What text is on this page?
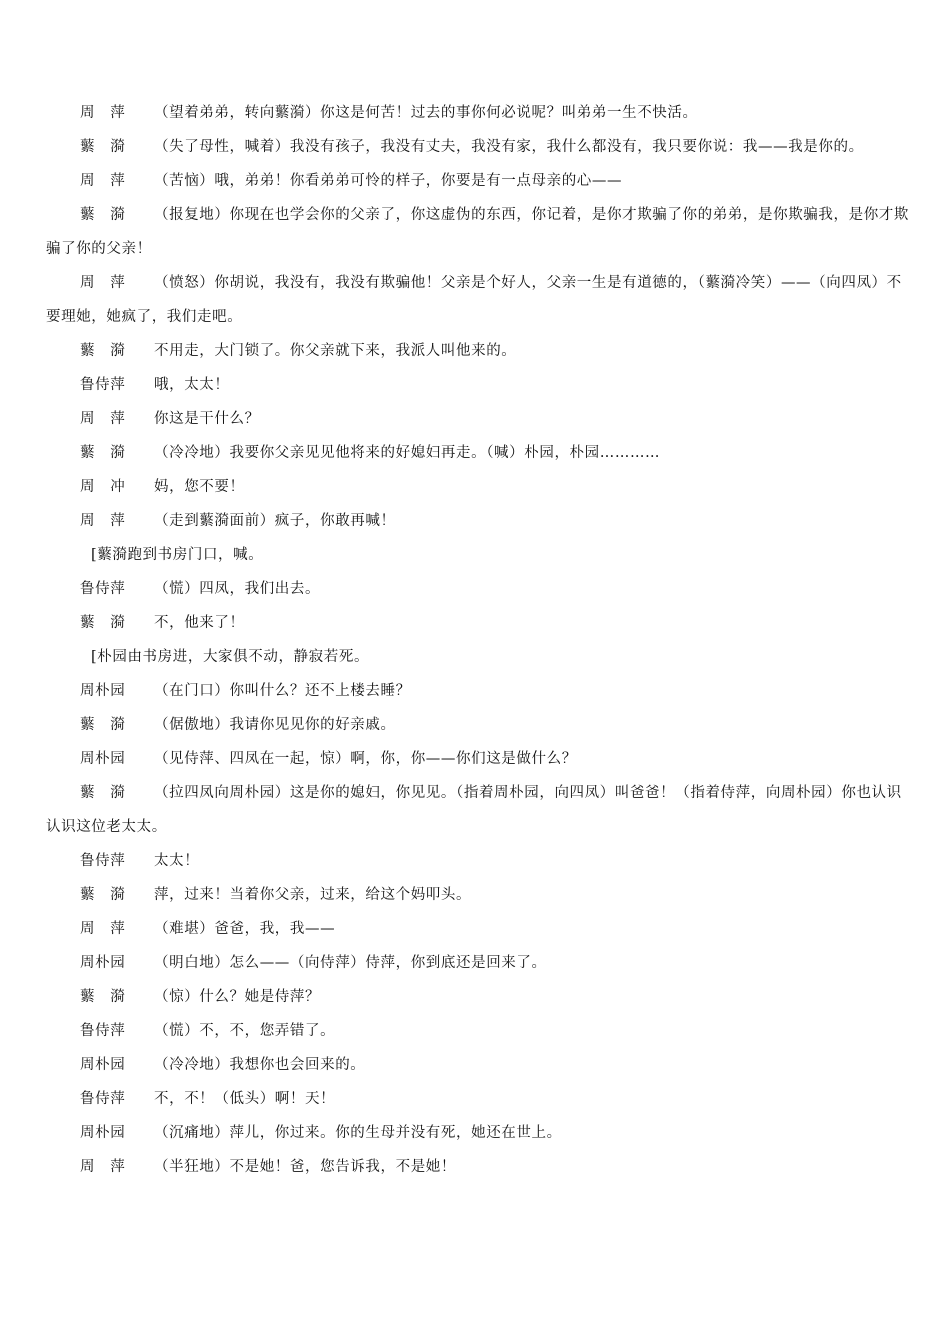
周　萍 （望着弟弟，转向蘩漪）你这是何苦！过去的事你何必说呢？叫弟弟一生不快活。

蘩　漪 （失了母性，喊着）我没有孩子，我没有丈夫，我没有家，我什么都没有，我只要你说：我——我是你的。

周　萍 （苦恼）哦，弟弟！你看弟弟可怜的样子，你要是有一点母亲的心——

蘩　漪 （报复地）你现在也学会你的父亲了，你这虚伪的东西，你记着，是你才欺骗了你的弟弟，是你欺骗我，是你才欺骗了你的父亲！

周　萍 （愤怒）你胡说，我没有，我没有欺骗他！父亲是个好人，父亲一生是有道德的，（蘩漪冷笑）——（向四凤）不要理她，她疯了，我们走吧。

蘩　漪 不用走，大门锁了。你父亲就下来，我派人叫他来的。

鲁侍萍 哦，太太！

周　萍 你这是干什么？

蘩　漪 （冷冷地）我要你父亲见见他将来的好媳妇再走。（喊）朴园，朴园…………

周　冲 妈，您不要！

周　萍 （走到蘩漪面前）疯子，你敢再喊！

[蘩漪跑到书房门口，喊。

鲁侍萍 （慌）四凤，我们出去。

蘩　漪 不，他来了！

[朴园由书房进，大家俱不动，静寂若死。

周朴园 （在门口）你叫什么？还不上楼去睡？

蘩　漪 （倨傲地）我请你见见你的好亲戚。

周朴园 （见侍萍、四凤在一起，惊）啊，你，你——你们这是做什么？

蘩　漪 （拉四凤向周朴园）这是你的媳妇，你见见。（指着周朴园，向四凤）叫爸爸！（指着侍萍，向周朴园）你也认识认识这位老太太。

鲁侍萍 太太！

蘩　漪 萍，过来！当着你父亲，过来，给这个妈叩头。

周　萍 （难堪）爸爸，我，我——

周朴园 （明白地）怎么——（向侍萍）侍萍，你到底还是回来了。

蘩　漪 （惊）什么？她是侍萍？

鲁侍萍 （慌）不，不，您弄错了。

周朴园 （冷冷地）我想你也会回来的。

鲁侍萍 不，不！（低头）啊！天！

周朴园 （沉痛地）萍儿，你过来。你的生母并没有死，她还在世上。

周　萍 （半狂地）不是她！爸，您告诉我，不是她！
